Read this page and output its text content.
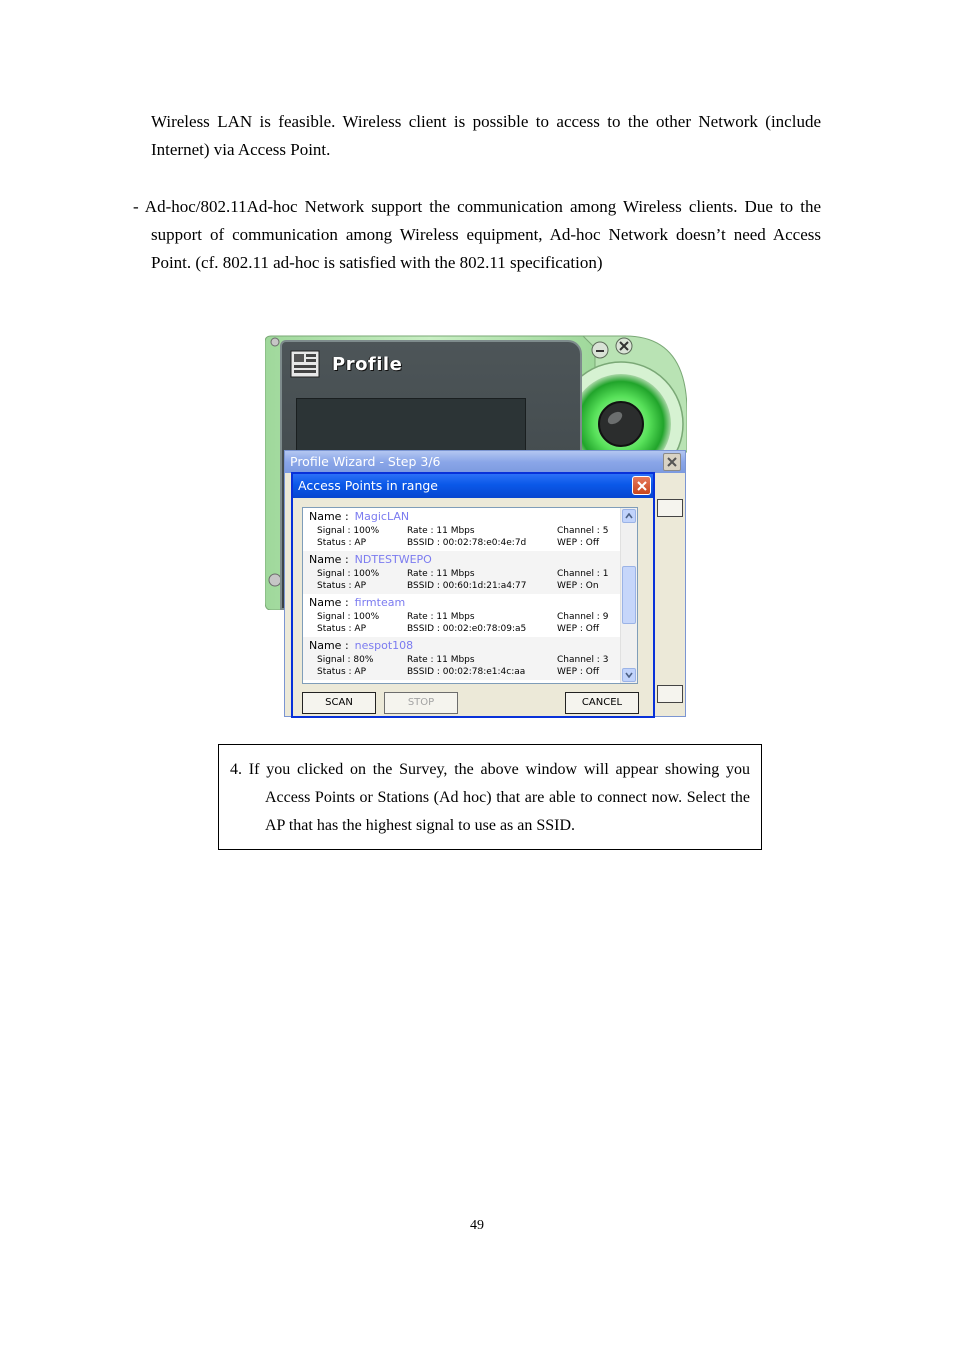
Wireless LAN is feasible. Wireless client is possible to access to the other Network (include Internet) via Access Point.
- Ad-hoc/802.11Ad-hoc Network support the communication among Wireless clients. Due to the support of communication among Wireless equipment, Ad-hoc Network doesn’t need Access Point. (cf. 802.11 ad-hoc is satisfied with the 802.11 specification)
Profile
Profile Wizard - Step 3/6
Access Points in range
Name : MagicLAN
Signal : 100%	Rate : 11 Mbps	Channel : 5
Status : AP	BSSID : 00:02:78:e0:4e:7d	WEP : Off
Name : NDTESTWEPO
Signal : 100%	Rate : 11 Mbps	Channel : 1
Status : AP	BSSID : 00:60:1d:21:a4:77	WEP : On
Name : firmteam
Signal : 100%	Rate : 11 Mbps	Channel : 9
Status : AP	BSSID : 00:02:e0:78:09:a5	WEP : Off
Name : nespot108
Signal : 80%	Rate : 11 Mbps	Channel : 3
Status : AP	BSSID : 00:02:78:e1:4c:aa	WEP : Off
SCAN	STOP	CANCEL
4. If you clicked on the Survey, the above window will appear showing you Access Points or Stations (Ad hoc) that are able to connect now. Select the AP that has the highest signal to use as an SSID.
49
